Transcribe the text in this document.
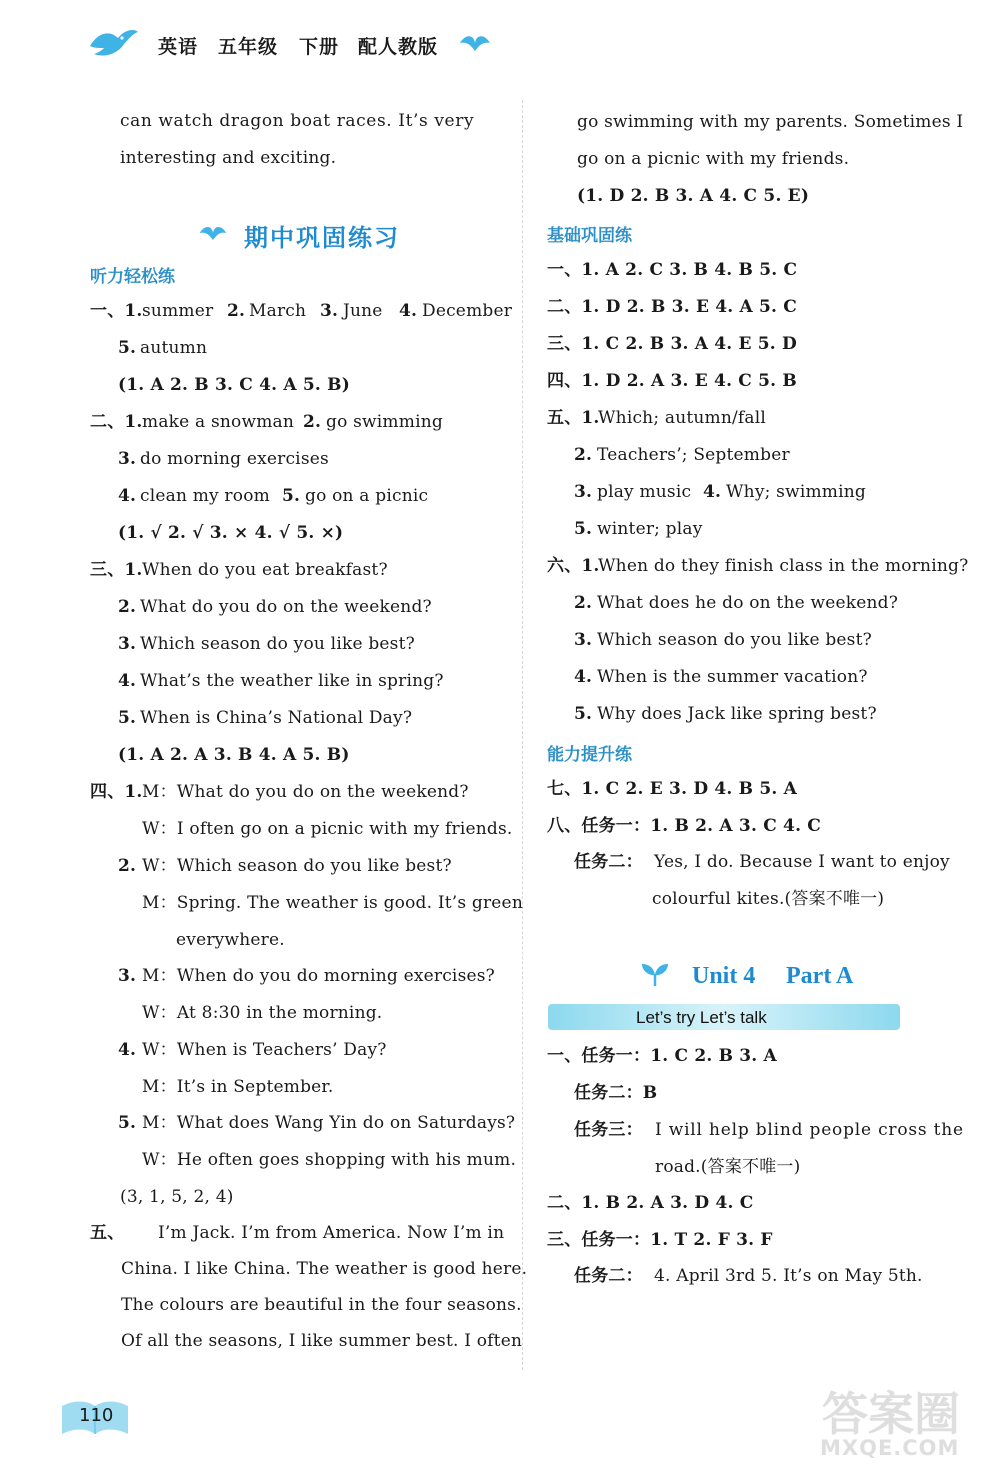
英语 五年级 下册 配人教版
can watch dragon boat races. It’s very
interesting and exciting.
期中巩固练习
听力轻松练
一、1. summer 2. March 3. June 4. December
5. autumn
(1. A 2. B 3. C 4. A 5. B)
二、1. make a snowman 2. go swimming
3. do morning exercises
4. clean my room 5. go on a picnic
(1. √ 2. √ 3. × 4. √ 5. ×)
三、1. When do you eat breakfast?
2. What do you do on the weekend?
3. Which season do you like best?
4. What’s the weather like in spring?
5. When is China’s National Day?
(1. A 2. A 3. B 4. A 5. B)
四、1. M：What do you do on the weekend?
W：I often go on a picnic with my friends.
2. W：Which season do you like best?
M：Spring. The weather is good. It’s green
everywhere.
3. M：When do you do morning exercises?
W：At 8:30 in the morning.
4. W：When is Teachers’ Day?
M：It’s in September.
5. M：What does Wang Yin do on Saturdays?
W：He often goes shopping with his mum.
(3, 1, 5, 2, 4)
五、 I’m Jack. I’m from America. Now I’m in
China. I like China. The weather is good here.
The colours are beautiful in the four seasons.
Of all the seasons, I like summer best. I often
go swimming with my parents. Sometimes I
go on a picnic with my friends.
(1. D 2. B 3. A 4. C 5. E)
基础巩固练
一、1. A 2. C 3. B 4. B 5. C
二、1. D 2. B 3. E 4. A 5. C
三、1. C 2. B 3. A 4. E 5. D
四、1. D 2. A 3. E 4. C 5. B
五、1.
Which; autumn/fall
2. Teachers’; September
3. play music 4. Why; swimming
5. winter; play
六、1.
When do they finish class in the morning?
2. What does he do on the weekend?
3. Which season do you like best?
4. When is the summer vacation?
5. Why does Jack like spring best?
能力提升练
七、1. C 2. E 3. D 4. B 5. A
八、任务一：1. B 2. A 3. C 4. C
任务二： Yes, I do. Because I want to enjoy
colourful kites.(答案不唯一)
Unit 4 Part A
Let’s try Let’s talk
一、任务一：1. C 2. B 3. A
任务二：B
任务三： I will help blind people cross the
road.(答案不唯一)
二、1. B 2. A 3. D 4. C
三、任务一：1. T 2. F 3. F
任务二： 4. April 3rd 5. It’s on May 5th.
110	答案圈
MXQE.COM
